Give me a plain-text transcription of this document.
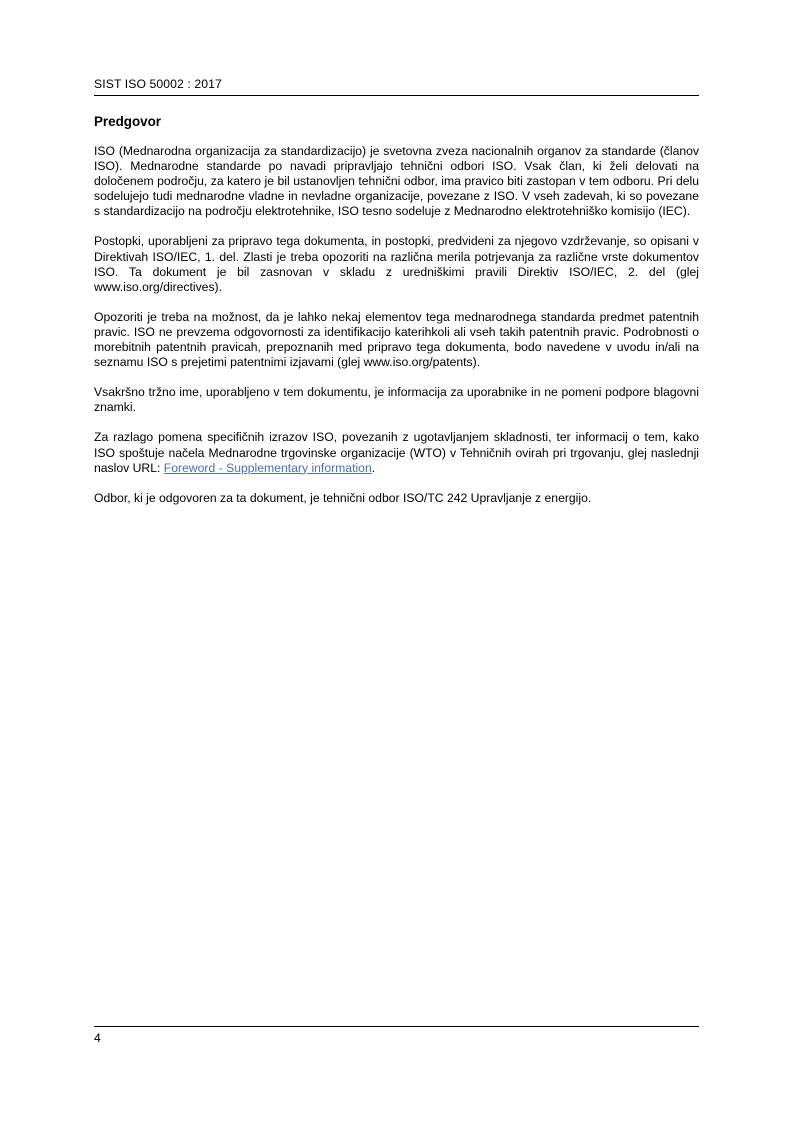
SIST ISO 50002 : 2017
Predgovor

ISO (Mednarodna organizacija za standardizacijo) je svetovna zveza nacionalnih organov za standarde (članov ISO). Mednarodne standarde po navadi pripravljajo tehnični odbori ISO. Vsak član, ki želi delovati na določenem področju, za katero je bil ustanovljen tehnični odbor, ima pravico biti zastopan v tem odboru. Pri delu sodelujejo tudi mednarodne vladne in nevladne organizacije, povezane z ISO. V vseh zadevah, ki so povezane s standardizacijo na področju elektrotehnike, ISO tesno sodeluje z Mednarodno elektrotehniško komisijo (IEC).

Postopki, uporabljeni za pripravo tega dokumenta, in postopki, predvideni za njegovo vzdrževanje, so opisani v Direktivah ISO/IEC, 1. del. Zlasti je treba opozoriti na različna merila potrjevanja za različne vrste dokumentov ISO. Ta dokument je bil zasnovan v skladu z uredniškimi pravili Direktiv ISO/IEC, 2. del (glej www.iso.org/directives).

Opozoriti je treba na možnost, da je lahko nekaj elementov tega mednarodnega standarda predmet patentnih pravic. ISO ne prevzema odgovornosti za identifikacijo katerihkoli ali vseh takih patentnih pravic. Podrobnosti o morebitnih patentnih pravicah, prepoznanih med pripravo tega dokumenta, bodo navedene v uvodu in/ali na seznamu ISO s prejetimi patentnimi izjavami (glej www.iso.org/patents).

Vsakršno tržno ime, uporabljeno v tem dokumentu, je informacija za uporabnike in ne pomeni podpore blagovni znamki.

Za razlago pomena specifičnih izrazov ISO, povezanih z ugotavljanjem skladnosti, ter informacij o tem, kako ISO spoštuje načela Mednarodne trgovinske organizacije (WTO) v Tehničnih ovirah pri trgovanju, glej naslednji naslov URL: Foreword - Supplementary information.

Odbor, ki je odgovoren za ta dokument, je tehnični odbor ISO/TC 242 Upravljanje z energijo.

4
